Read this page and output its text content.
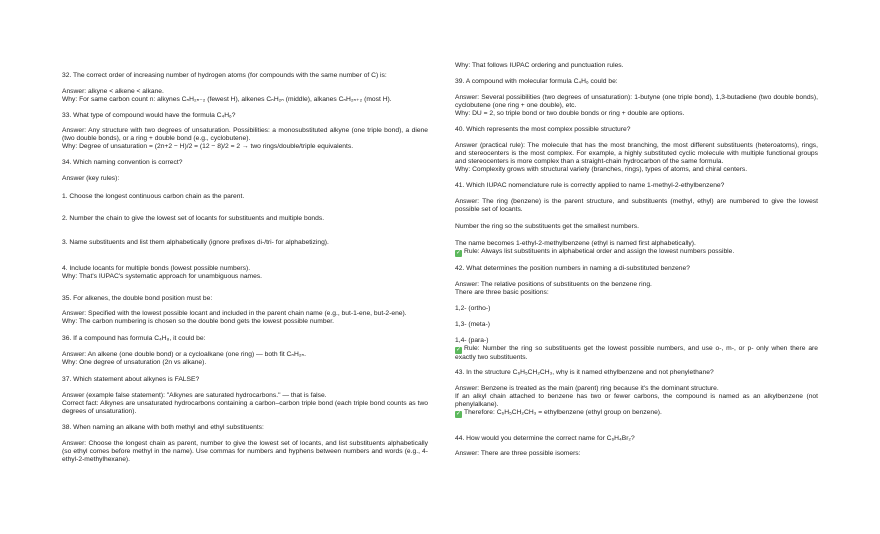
32. The correct order of increasing number of hydrogen atoms (for compounds with the same number of C) is:

Answer: alkyne < alkene < alkane.

Why: For same carbon count n: alkynes CₙH₂ₙ₋₂ (fewest H), alkenes CₙH₂ₙ (middle), alkanes CₙH₂ₙ₊₂ (most H).

33. What type of compound would have the formula C₄H₆?

Answer: Any structure with two degrees of unsaturation. Possibilities: a monosubstituted alkyne (one triple bond), a diene (two double bonds), or a ring + double bond (e.g., cyclobutene).

Why: Degree of unsaturation = (2n+2 − H)/2 = (12 − 8)/2 = 2 → two rings/double/triple equivalents.

34. Which naming convention is correct?

Answer (key rules):

1. Choose the longest continuous carbon chain as the parent.

2. Number the chain to give the lowest set of locants for substituents and multiple bonds.

3. Name substituents and list them alphabetically (ignore prefixes di-/tri- for alphabetizing).

4. Include locants for multiple bonds (lowest possible numbers).

Why: That's IUPAC's systematic approach for unambiguous names.

35. For alkenes, the double bond position must be:

Answer: Specified with the lowest possible locant and included in the parent chain name (e.g., but-1-ene, but-2-ene).

Why: The carbon numbering is chosen so the double bond gets the lowest possible number.

36. If a compound has formula C₄H₈, it could be:

Answer: An alkene (one double bond) or a cycloalkane (one ring) — both fit CₙH₂ₙ.

Why: One degree of unsaturation (2n vs alkane).

37. Which statement about alkynes is FALSE?

Answer (example false statement): "Alkynes are saturated hydrocarbons." — that is false.

Correct fact: Alkynes are unsaturated hydrocarbons containing a carbon–carbon triple bond (each triple bond counts as two degrees of unsaturation).

38. When naming an alkane with both methyl and ethyl substituents:

Answer: Choose the longest chain as parent, number to give the lowest set of locants, and list substituents alphabetically (so ethyl comes before methyl in the name). Use commas for numbers and hyphens between numbers and words (e.g., 4-ethyl-2-methylhexane).

Why: That follows IUPAC ordering and punctuation rules.

39. A compound with molecular formula C₄H₆ could be:

Answer: Several possibilities (two degrees of unsaturation): 1-butyne (one triple bond), 1,3-butadiene (two double bonds), cyclobutene (one ring + one double), etc.

Why: DU = 2, so triple bond or two double bonds or ring + double are options.

40. Which represents the most complex possible structure?

Answer (practical rule): The molecule that has the most branching, the most different substituents (heteroatoms), rings, and stereocenters is the most complex. For example, a highly substituted cyclic molecule with multiple functional groups and stereocenters is more complex than a straight-chain hydrocarbon of the same formula.

Why: Complexity grows with structural variety (branches, rings), types of atoms, and chiral centers.

41. Which IUPAC nomenclature rule is correctly applied to name 1-methyl-2-ethylbenzene?

Answer: The ring (benzene) is the parent structure, and substituents (methyl, ethyl) are numbered to give the lowest possible set of locants.

Number the ring so the substituents get the smallest numbers.

The name becomes 1-ethyl-2-methylbenzene (ethyl is named first alphabetically).

✓ Rule: Always list substituents in alphabetical order and assign the lowest numbers possible.

42. What determines the position numbers in naming a di-substituted benzene?

Answer: The relative positions of substituents on the benzene ring.

There are three basic positions:

1,2- (ortho-)

1,3- (meta-)

1,4- (para-)

✓ Rule: Number the ring so substituents get the lowest possible numbers, and use o-, m-, or p- only when there are exactly two substituents.

43. In the structure C₆H₅CH₂CH₃, why is it named ethylbenzene and not phenylethane?

Answer: Benzene is treated as the main (parent) ring because it's the dominant structure.

If an alkyl chain attached to benzene has two or fewer carbons, the compound is named as an alkylbenzene (not phenylalkane).

✓ Therefore: C₆H₅CH₂CH₃ = ethylbenzene (ethyl group on benzene).

44. How would you determine the correct name for C₆H₄Br₂?

Answer: There are three possible isomers:
